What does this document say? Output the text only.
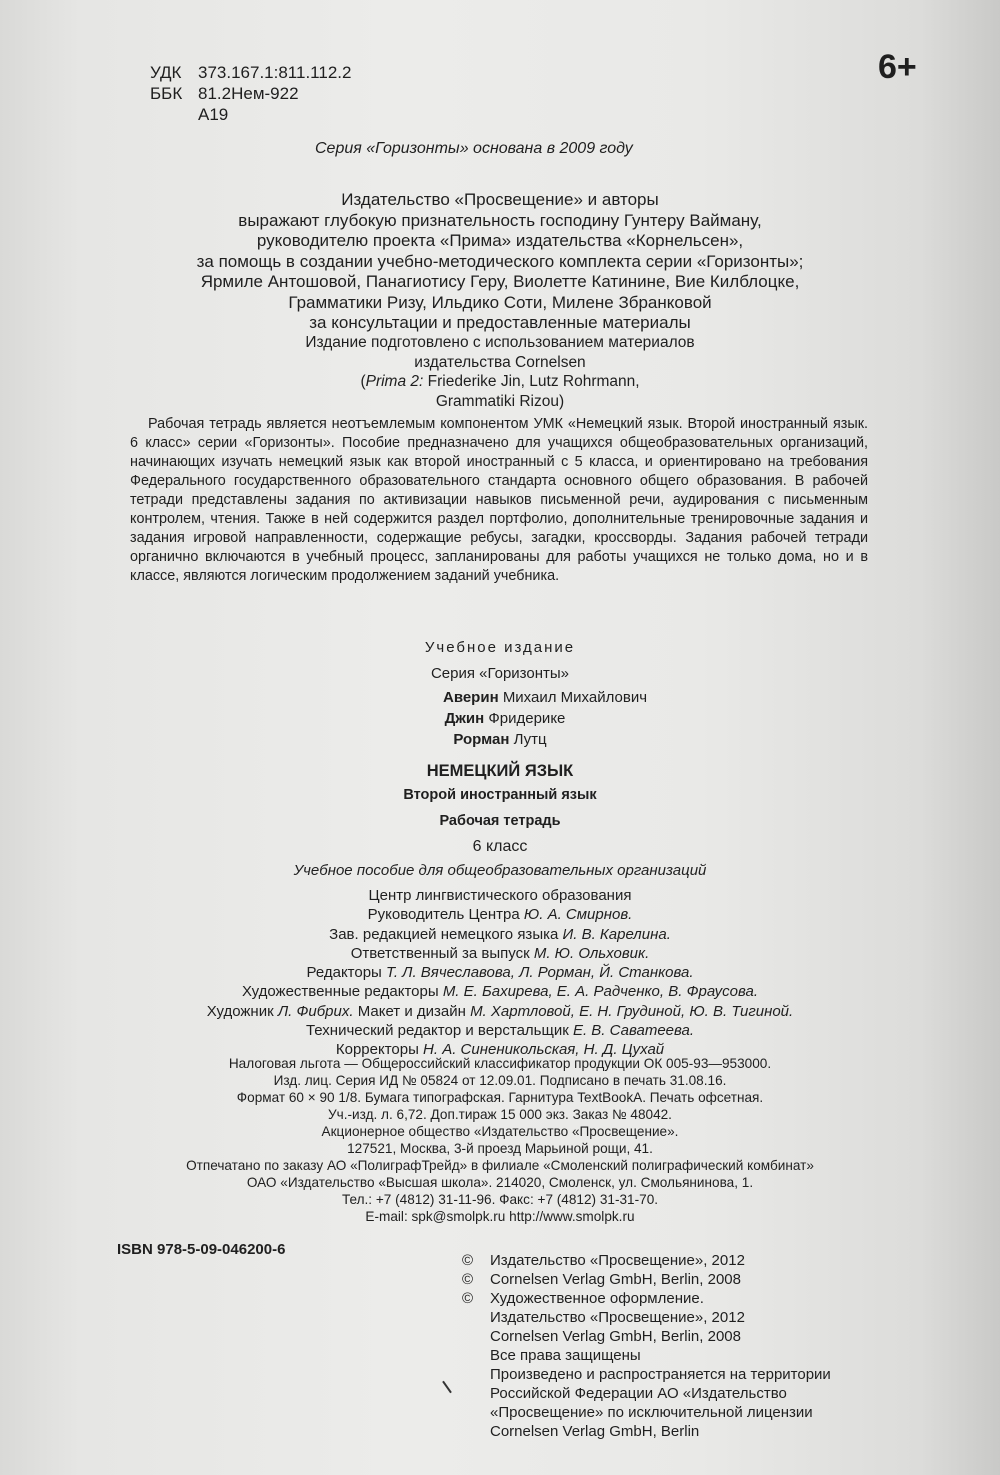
УДК 373.167.1:811.112.2
ББК 81.2Нем-922
А19
6+
Серия «Горизонты» основана в 2009 году
Издательство «Просвещение» и авторы
выражают глубокую признательность господину Гунтеру Вайману,
руководителю проекта «Прима» издательства «Корнельсен»,
за помощь в создании учебно-методического комплекта серии «Горизонты»;
Ярмиле Антошовой, Панагиотису Геру, Виолетте Катинине, Вие Килблоцке,
Грамматики Ризу, Ильдико Соти, Милене Збранковой
за консультации и предоставленные материалы
Издание подготовлено с использованием материалов
издательства Cornelsen
(Prima 2: Friederike Jin, Lutz Rohrmann,
Grammatiki Rizou)

Рабочая тетрадь является неотъемлемым компонентом УМК «Немецкий язык. Второй иностранный язык. 6 класс» серии «Горизонты». Пособие предназначено для учащихся общеобразовательных организаций, начинающих изучать немецкий язык как второй иностранный с 5 класса, и ориентировано на требования Федерального государственного образовательного стандарта основного общего образования. В рабочей тетради представлены задания по активизации навыков письменной речи, аудирования с письменным контролем, чтения. Также в ней содержится раздел портфолио, дополнительные тренировочные задания и задания игровой направленности, содержащие ребусы, загадки, кроссворды. Задания рабочей тетради органично включаются в учебный процесс, запланированы для работы учащихся не только дома, но и в классе, являются логическим продолжением заданий учебника.

Учебное издание
Серия «Горизонты»
Аверин Михаил Михайлович
Джин Фридерике
Рорман Лутц
НЕМЕЦКИЙ ЯЗЫК
Второй иностранный язык
Рабочая тетрадь
6 класс
Учебное пособие для общеобразовательных организаций
Центр лингвистического образования
Руководитель Центра Ю. А. Смирнов.
Зав. редакцией немецкого языка И. В. Карелина.
Ответственный за выпуск М. Ю. Ольховик.
Редакторы Т. Л. Вячеславова, Л. Рорман, Й. Станкова.
Художественные редакторы М. Е. Бахирева, Е. А. Радченко, В. Фраусова.
Художник Л. Фибрих. Макет и дизайн М. Хартловой, Е. Н. Грудиной, Ю. В. Тигиной.
Технический редактор и верстальщик Е. В. Саватеева.
Корректоры Н. А. Синеникольская, Н. Д. Цухай
Налоговая льгота — Общероссийский классификатор продукции ОК 005-93—953000.
Изд. лиц. Серия ИД № 05824 от 12.09.01. Подписано в печать 31.08.16.
Формат 60 × 90 1/8. Бумага типографская. Гарнитура TextBookA. Печать офсетная.
Уч.-изд. л. 6,72. Доп.тираж 15 000 экз. Заказ № 48042.
Акционерное общество «Издательство «Просвещение».
127521, Москва, 3-й проезд Марьиной рощи, 41.
Отпечатано по заказу АО «ПолиграфТрейд» в филиале «Смоленский полиграфический комбинат»
ОАО «Издательство «Высшая школа». 214020, Смоленск, ул. Смольянинова, 1.
Тел.: +7 (4812) 31-11-96. Факс: +7 (4812) 31-31-70.
E-mail: spk@smolpk.ru http://www.smolpk.ru
ISBN 978-5-09-046200-6
©	Издательство «Просвещение», 2012
©	Cornelsen Verlag GmbH, Berlin, 2008
©	Художественное оформление.
Издательство «Просвещение», 2012
Cornelsen Verlag GmbH, Berlin, 2008
Все права защищены
Произведено и распространяется на территории
Российской Федерации АО «Издательство
«Просвещение» по исключительной лицензии
Cornelsen Verlag GmbH, Berlin
